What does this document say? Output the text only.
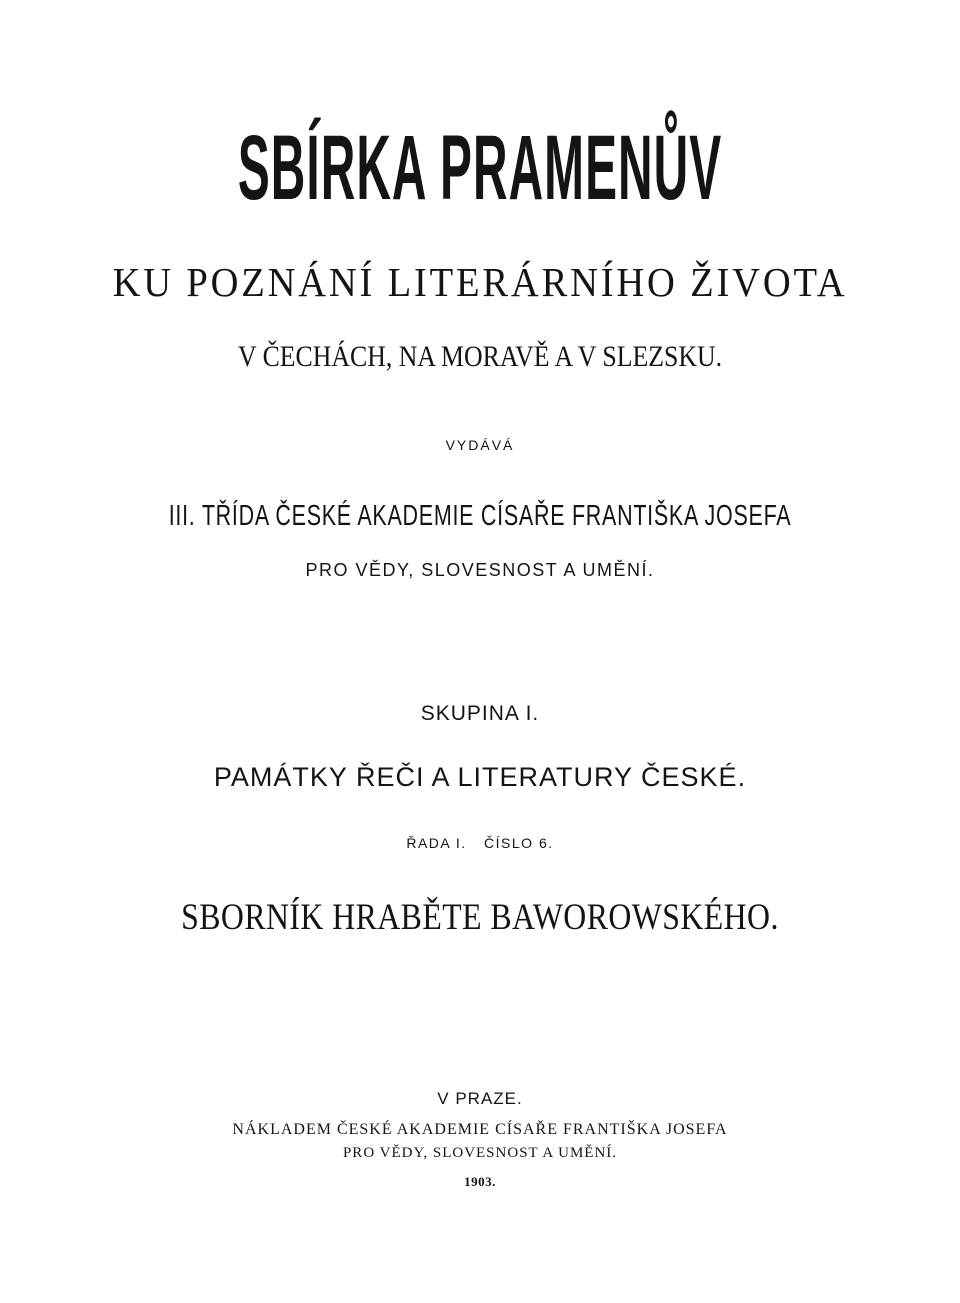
SBÍRKA PRAMENŮV
KU POZNÁNÍ LITERÁRNÍHO ŽIVOTA
V ČECHÁCH, NA MORAVĚ A V SLEZSKU.
VYDÁVÁ
III. TŘÍDA ČESKÉ AKADEMIE CÍSAŘE FRANTIŠKA JOSEFA
PRO VĚDY, SLOVESNOST A UMĚNÍ.
SKUPINA I.
PAMÁTKY ŘEČI A LITERATURY ČESKÉ.
ŘADA I. ČÍSLO 6.
SBORNÍK HRABĚTE BAWOROWSKÉHO.
V PRAZE.
NÁKLADEM ČESKÉ AKADEMIE CÍSAŘE FRANTIŠKA JOSEFA
PRO VĚDY, SLOVESNOST A UMĚNÍ.
1903.
